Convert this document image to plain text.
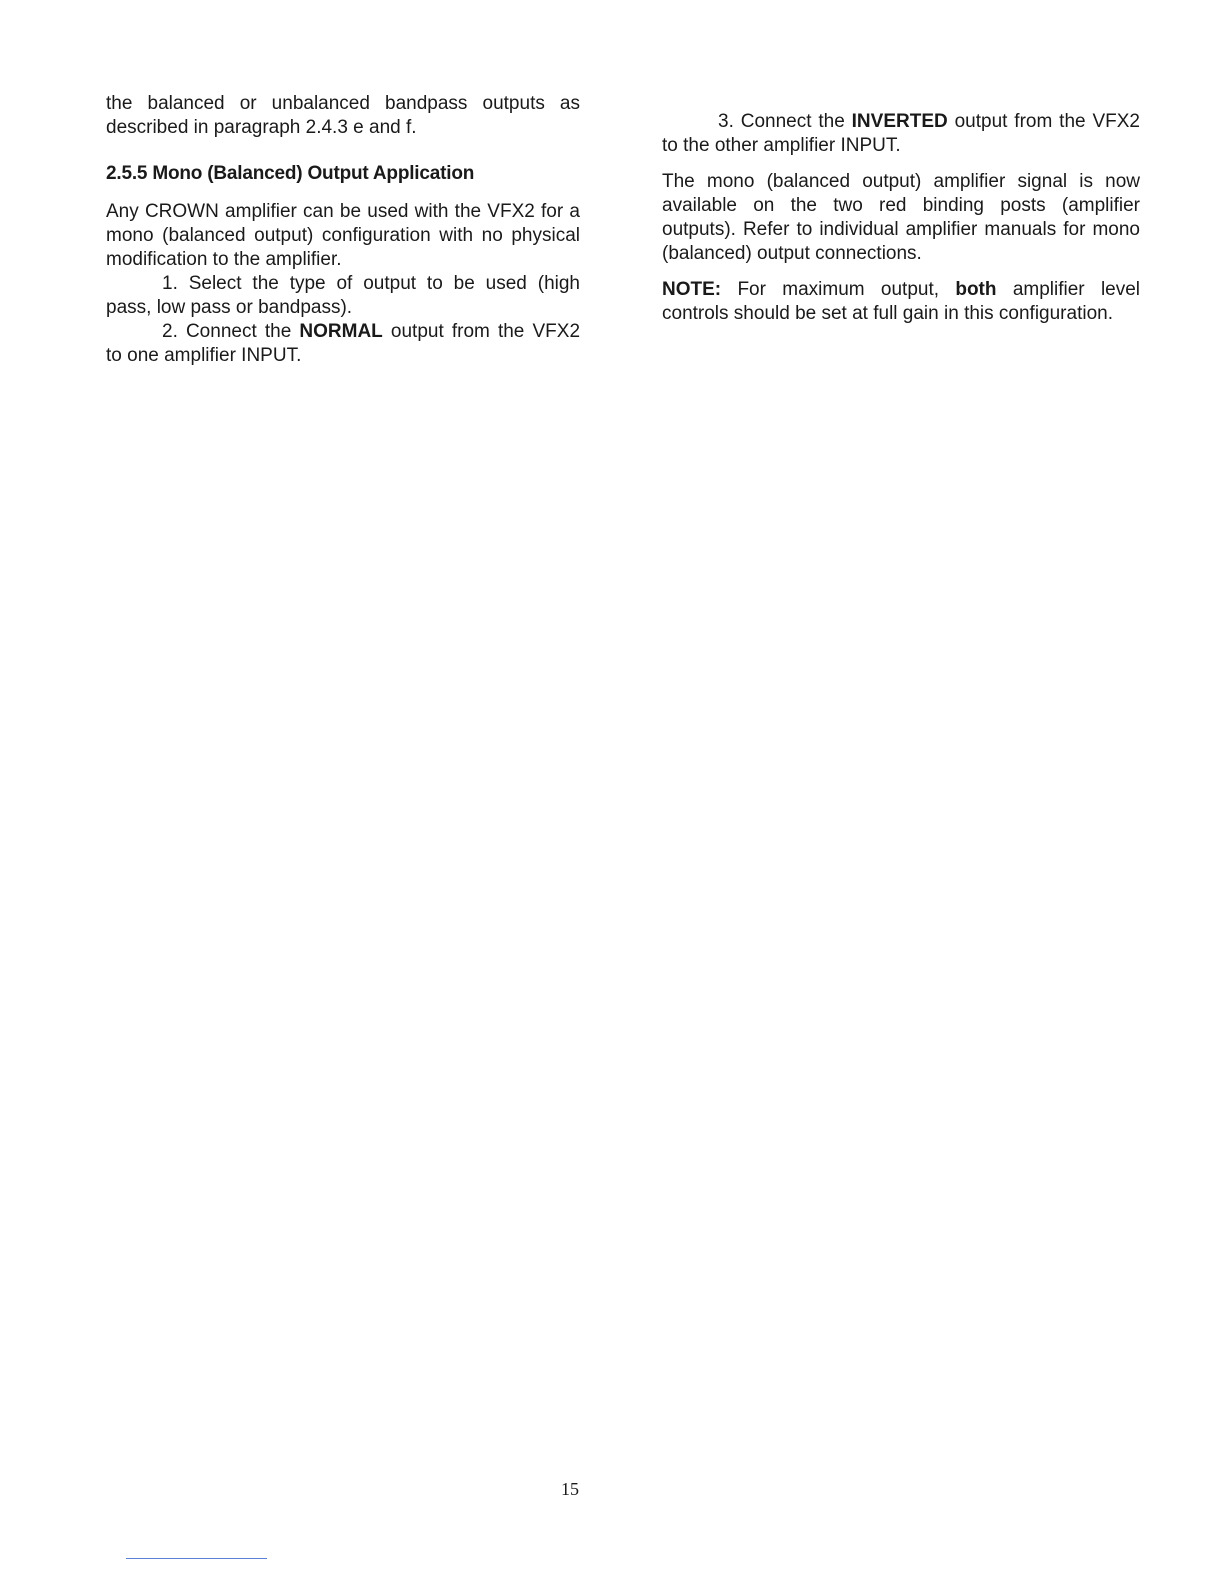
the balanced or unbalanced bandpass outputs as

described in paragraph 2.4.3 e and f.

2.5.5 Mono (Balanced) Output Application

Any CROWN amplifier can be used with the VFX2 for a mono (balanced output) configuration with no physical modification to the amplifier.

1. Select the type of output to be used (high pass, low pass or bandpass).

2. Connect the NORMAL output from the VFX2 to one amplifier INPUT.

3. Connect the INVERTED output from the VFX2 to the other amplifier INPUT.

The mono (balanced output) amplifier signal is now available on the two red binding posts (amplifier outputs). Refer to individual amplifier manuals for mono (balanced) output connections.

NOTE: For maximum output, both amplifier level controls should be set at full gain in this configuration.

15
